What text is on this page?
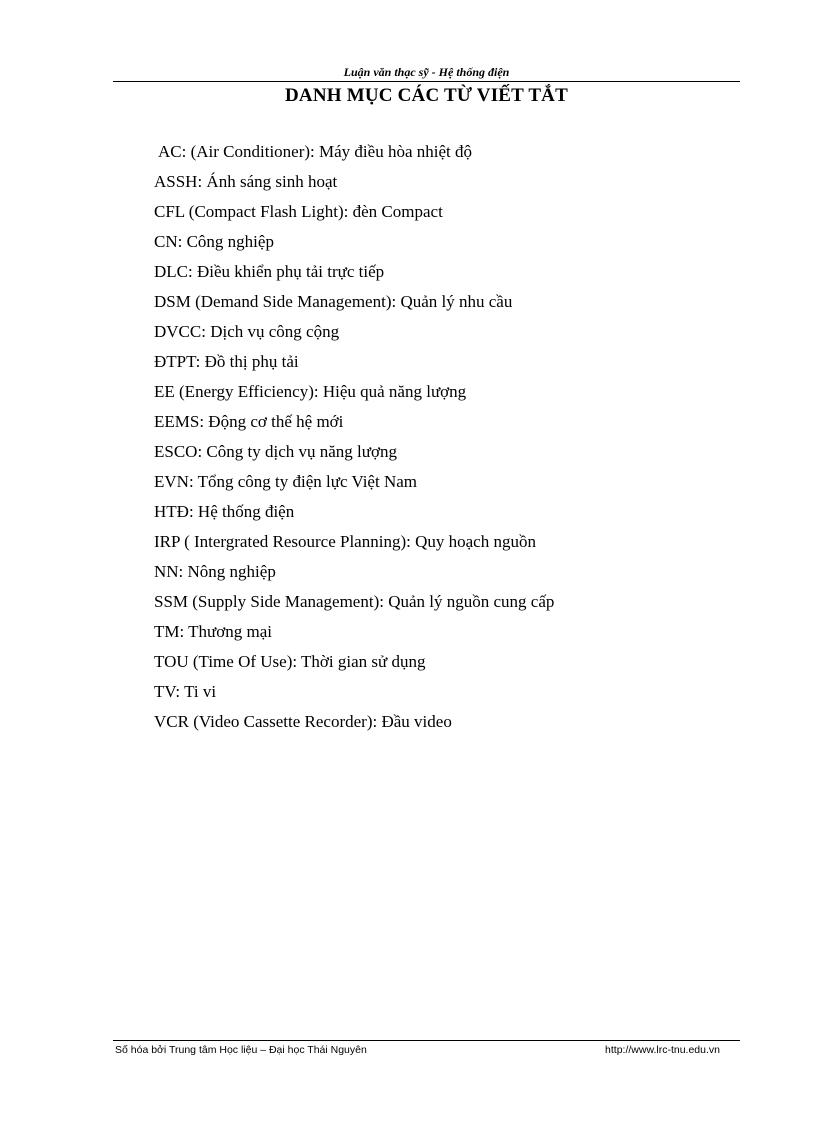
Luận văn thạc sỹ - Hệ thống điện
DANH MỤC CÁC TỪ VIẾT TẮT
AC: (Air Conditioner): Máy điều hòa nhiệt độ
ASSH: Ánh sáng sinh hoạt
CFL (Compact Flash Light): đèn Compact
CN: Công nghiệp
DLC: Điều khiển phụ tải trực tiếp
DSM (Demand Side Management): Quản lý nhu cầu
DVCC: Dịch vụ công cộng
ĐTPT: Đồ thị phụ tải
EE (Energy Efficiency): Hiệu quả năng lượng
EEMS: Động cơ thế hệ mới
ESCO: Công ty dịch vụ năng lượng
EVN: Tổng công ty điện lực Việt Nam
HTĐ: Hệ thống điện
IRP ( Intergrated Resource Planning): Quy hoạch nguồn
NN: Nông nghiệp
SSM (Supply Side Management): Quản lý nguồn cung cấp
TM: Thương mại
TOU (Time Of Use): Thời gian sử dụng
TV: Ti vi
VCR (Video Cassette Recorder): Đầu video
Số hóa bởi Trung tâm Học liệu – Đại học Thái Nguyên	http://www.lrc-tnu.edu.vn
